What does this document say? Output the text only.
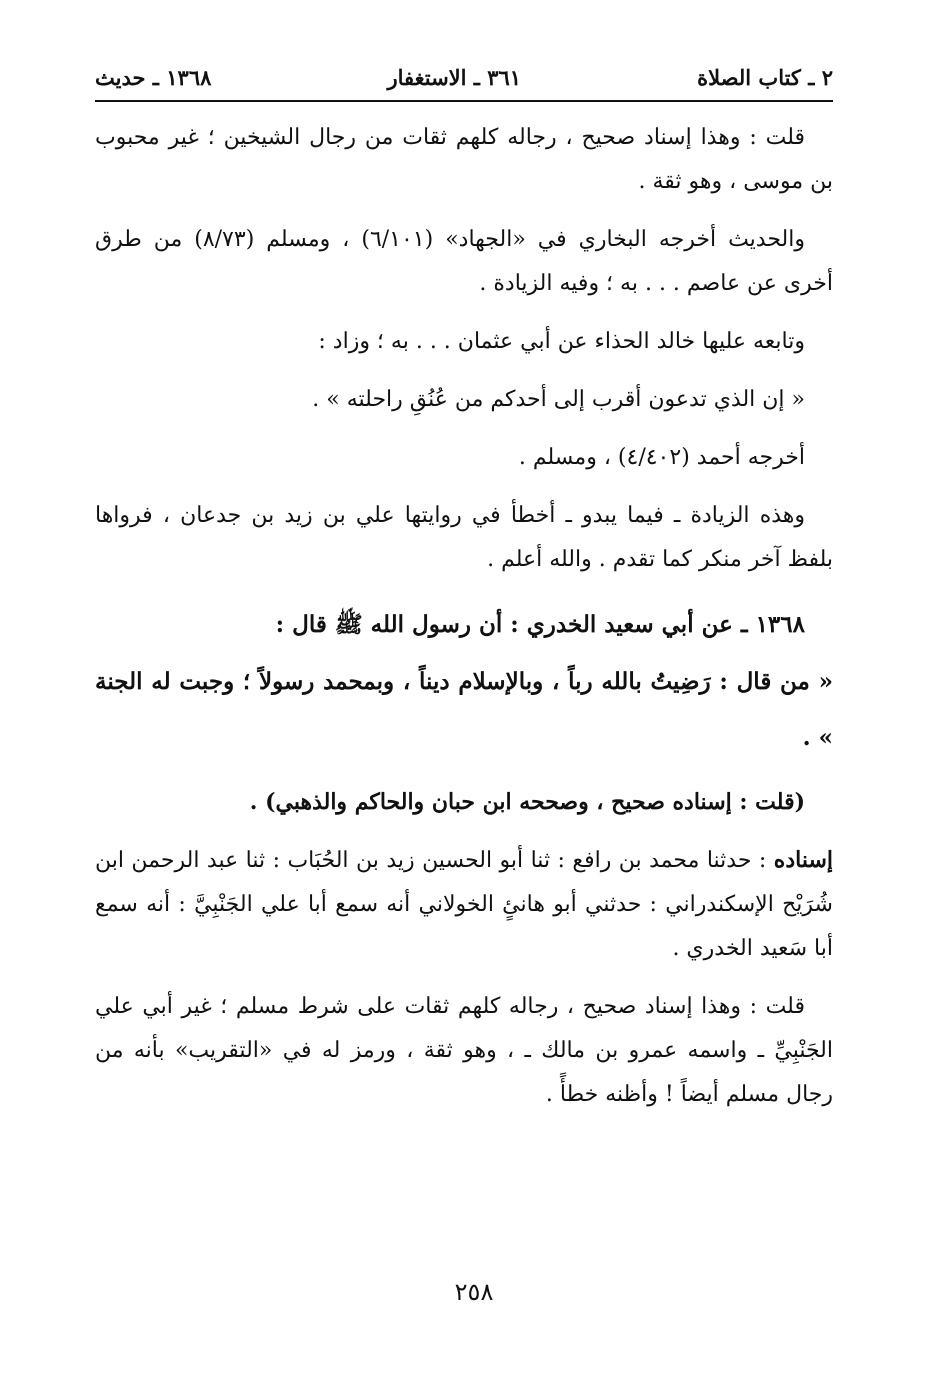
٢ ـ كتاب الصلاة
٣٦١ ـ الاستغفار
١٣٦٨ ـ حديث

قلت : وهذا إسناد صحيح ، رجاله كلهم ثقات من رجال الشيخين ؛ غير محبوب بن موسى ، وهو ثقة .

والحديث أخرجه البخاري في «الجهاد» (٦/١٠١) ، ومسلم (٨/٧٣) من طرق أخرى عن عاصم . . . به ؛ وفيه الزيادة .

وتابعه عليها خالد الحذاء عن أبي عثمان . . . به ؛ وزاد :

« إن الذي تدعون أقرب إلى أحدكم من عُنُقِ راحلته » .

أخرجه أحمد (٤/٤٠٢) ، ومسلم .

وهذه الزيادة ـ فيما يبدو ـ أخطأ في روايتها علي بن زيد بن جدعان ، فرواها بلفظ آخر منكر كما تقدم . والله أعلم .

١٣٦٨ ـ عن أبي سعيد الخدري : أن رسول الله ﷺ قال :

« من قال : رَضِيتُ بالله رباً ، وبالإسلام ديناً ، وبمحمد رسولاً ؛ وجبت له الجنة » .

(قلت : إسناده صحيح ، وصححه ابن حبان والحاكم والذهبي) .

إسناده : حدثنا محمد بن رافع : ثنا أبو الحسين زيد بن الحُبَاب : ثنا عبد الرحمن ابن شُرَيْح الإسكندراني : حدثني أبو هانئٍ الخولاني أنه سمع أبا علي الجَنْبِيَّ : أنه سمع أبا سَعيد الخدري .

قلت : وهذا إسناد صحيح ، رجاله كلهم ثقات على شرط مسلم ؛ غير أبي علي الجَنْبِيِّ ـ واسمه عمرو بن مالك ـ ، وهو ثقة ، ورمز له في «التقريب» بأنه من رجال مسلم أيضاً ! وأظنه خطأً .

٢٥٨
